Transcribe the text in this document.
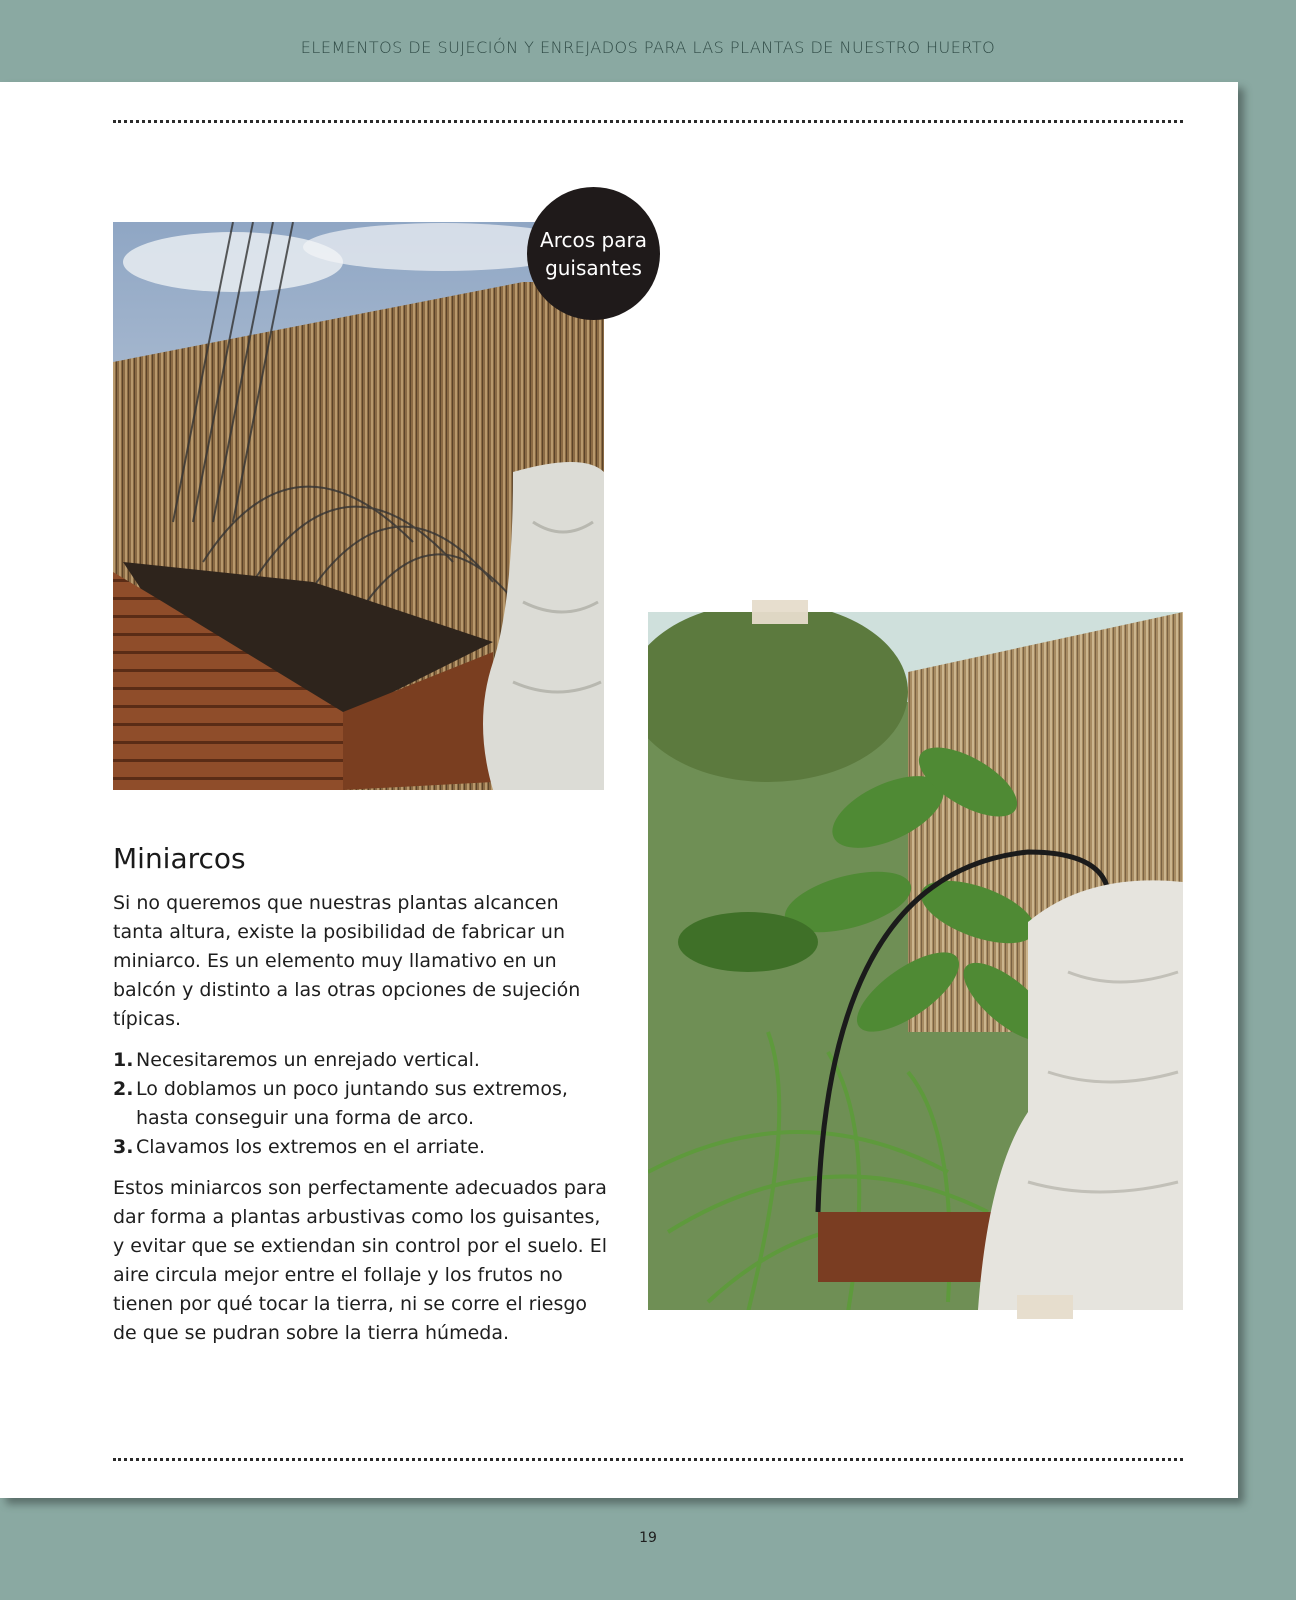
ELEMENTOS DE SUJECIÓN Y ENREJADOS PARA LAS PLANTAS DE NUESTRO HUERTO
Arcos para
guisantes
Miniarcos

Si no queremos que nuestras plantas alcancen tanta altura, existe la posibilidad de fabricar un miniarco. Es un elemento muy llamativo en un balcón y distinto a las otras opciones de sujeción típicas.

1. Necesitaremos un enrejado vertical.
2. Lo doblamos un poco juntando sus extremos, hasta conseguir una forma de arco.
3. Clavamos los extremos en el arriate.

Estos miniarcos son perfectamente adecuados para dar forma a plantas arbustivas como los guisantes, y evitar que se extiendan sin control por el suelo. El aire circula mejor entre el follaje y los frutos no tienen por qué tocar la tierra, ni se corre el riesgo de que se pudran sobre la tierra húmeda.

19
